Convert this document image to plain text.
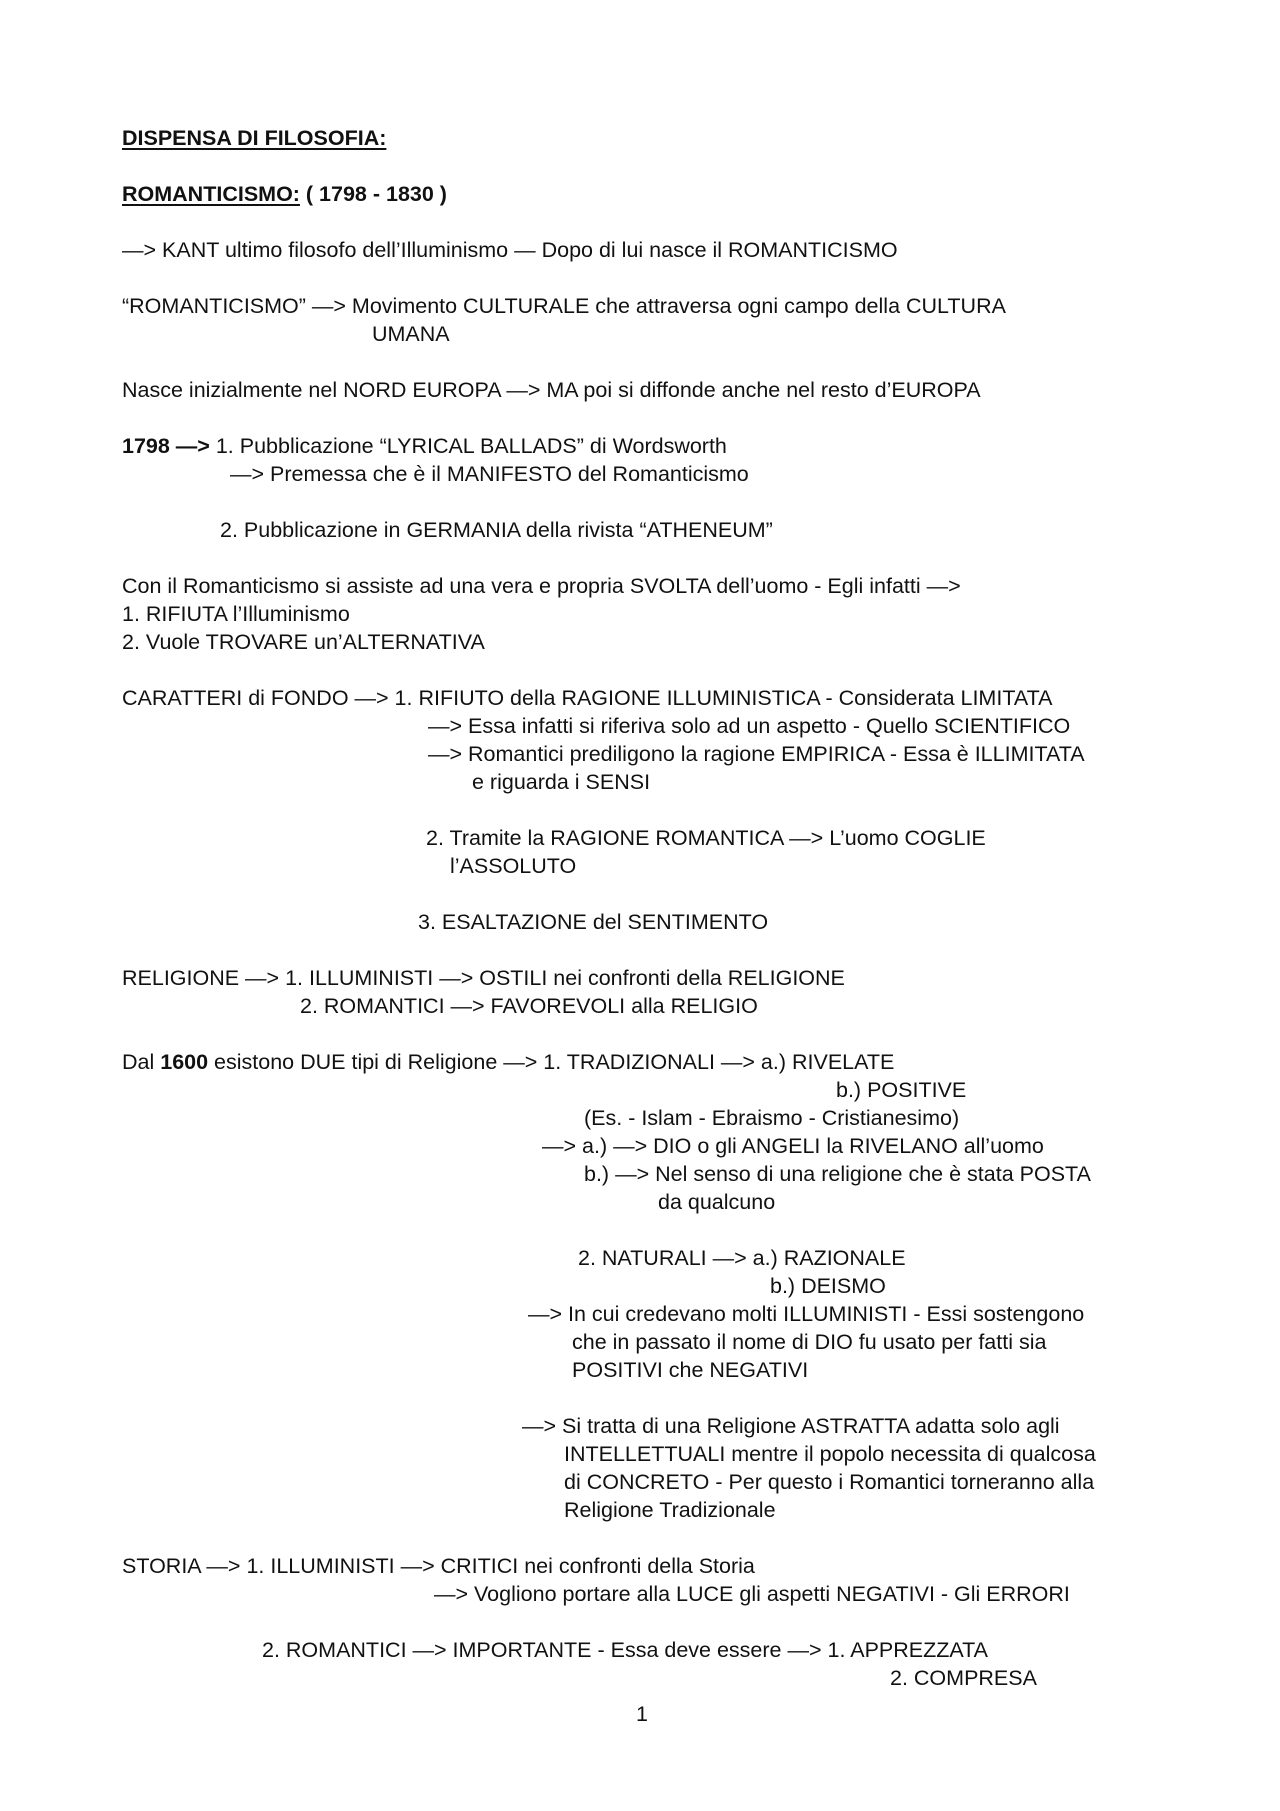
DISPENSA DI FILOSOFIA:
ROMANTICISMO: ( 1798 - 1830 )
—> KANT ultimo filosofo dell’Illuminismo — Dopo di lui nasce il ROMANTICISMO
“ROMANTICISMO” —> Movimento CULTURALE che attraversa ogni campo della CULTURA
UMANA
Nasce inizialmente nel NORD EUROPA —> MA poi si diffonde anche nel resto d’EUROPA
1798 —> 1. Pubblicazione “LYRICAL BALLADS” di Wordsworth
—> Premessa che è il MANIFESTO del Romanticismo
2. Pubblicazione in GERMANIA della rivista “ATHENEUM”
Con il Romanticismo si assiste ad una vera e propria SVOLTA dell’uomo - Egli infatti —>
1. RIFIUTA l’Illuminismo
2. Vuole TROVARE un’ALTERNATIVA
CARATTERI di FONDO —> 1. RIFIUTO della RAGIONE ILLUMINISTICA - Considerata LIMITATA
—> Essa infatti si riferiva solo ad un aspetto - Quello SCIENTIFICO
—> Romantici prediligono la ragione EMPIRICA - Essa è ILLIMITATA
e riguarda i SENSI
2. Tramite la RAGIONE ROMANTICA —> L’uomo COGLIE
l’ASSOLUTO
3. ESALTAZIONE del SENTIMENTO
RELIGIONE —> 1. ILLUMINISTI —> OSTILI nei confronti della RELIGIONE
2. ROMANTICI —> FAVOREVOLI alla RELIGIO
Dal 1600 esistono DUE tipi di Religione —> 1. TRADIZIONALI —> a.) RIVELATE
b.) POSITIVE
(Es. - Islam - Ebraismo - Cristianesimo)
—> a.) —> DIO o gli ANGELI la RIVELANO all’uomo
b.) —> Nel senso di una religione che è stata POSTA
da qualcuno
2. NATURALI —> a.) RAZIONALE
b.) DEISMO
—> In cui credevano molti ILLUMINISTI - Essi sostengono
che in passato il nome di DIO fu usato per fatti sia
POSITIVI che NEGATIVI
—> Si tratta di una Religione ASTRATTA adatta solo agli
INTELLETTUALI mentre il popolo necessita di qualcosa
di CONCRETO - Per questo i Romantici torneranno alla
Religione Tradizionale
STORIA —> 1. ILLUMINISTI —> CRITICI nei confronti della Storia
—> Vogliono portare alla LUCE gli aspetti NEGATIVI - Gli ERRORI
2. ROMANTICI —> IMPORTANTE - Essa deve essere —> 1. APPREZZATA
2. COMPRESA
1
